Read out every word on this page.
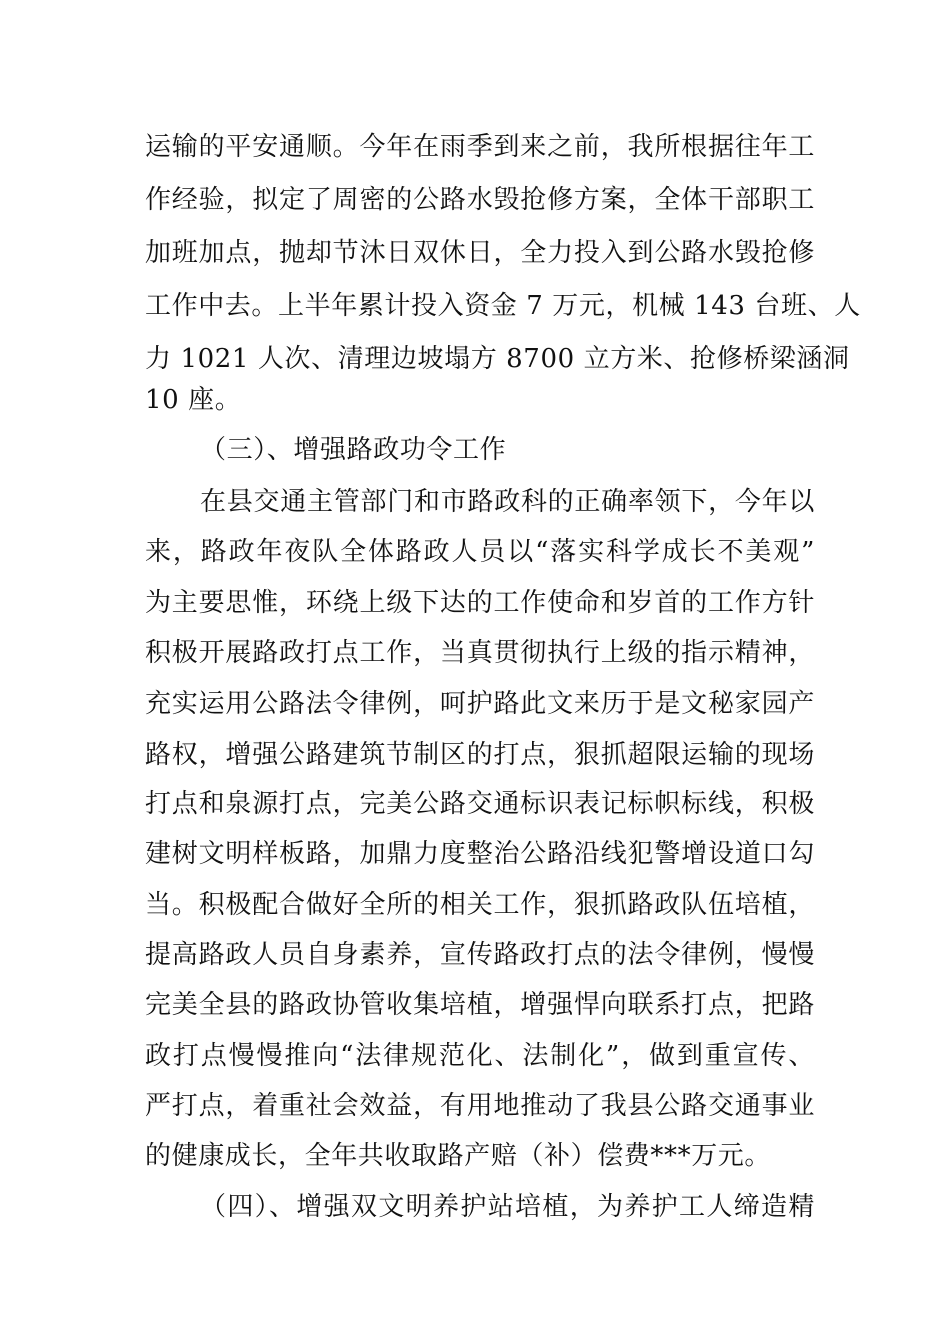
运输的平安通顺。今年在雨季到来之前，我所根据往年工
作经验，拟定了周密的公路水毁抢修方案，全体干部职工
加班加点，抛却节沐日双休日，全力投入到公路水毁抢修
工作中去。上半年累计投入资金 7 万元，机械 143 台班、人
力 1021 人次、清理边坡塌方 8700 立方米、抢修桥梁涵洞
10 座。
（三）、增强路政功令工作
在县交通主管部门和市路政科的正确率领下，今年以
来，路政年夜队全体路政人员以“落实科学成长不美观”
为主要思惟，环绕上级下达的工作使命和岁首的工作方针
积极开展路政打点工作，当真贯彻执行上级的指示精神，
充实运用公路法令律例，呵护路此文来历于是文秘家园产
路权，增强公路建筑节制区的打点，狠抓超限运输的现场
打点和泉源打点，完美公路交通标识表记标帜标线，积极
建树文明样板路，加鼎力度整治公路沿线犯警增设道口勾
当。积极配合做好全所的相关工作，狠抓路政队伍培植，
提高路政人员自身素养，宣传路政打点的法令律例，慢慢
完美全县的路政协管收集培植，增强悍向联系打点，把路
政打点慢慢推向“法律规范化、法制化”，做到重宣传、
严打点，着重社会效益，有用地推动了我县公路交通事业
的健康成长，全年共收取路产赔（补）偿费***万元。
（四）、增强双文明养护站培植，为养护工人缔造精
